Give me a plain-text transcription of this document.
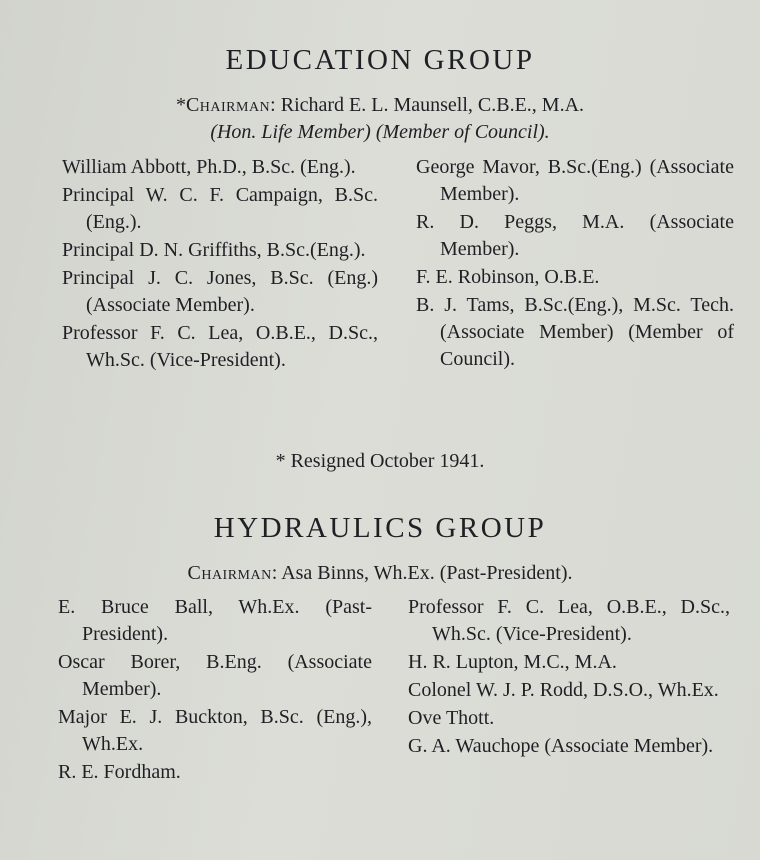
EDUCATION GROUP
*Chairman: Richard E. L. Maunsell, C.B.E., M.A.
(Hon. Life Member) (Member of Council).
William Abbott, Ph.D., B.Sc. (Eng.).
Principal W. C. F. Campaign, B.Sc.(Eng.).
Principal D. N. Griffiths, B.Sc.(Eng.).
Principal J. C. Jones, B.Sc. (Eng.) (Associate Member).
Professor F. C. Lea, O.B.E., D.Sc., Wh.Sc. (Vice-President).
George Mavor, B.Sc.(Eng.) (Associate Member).
R. D. Peggs, M.A. (Associate Member).
F. E. Robinson, O.B.E.
B. J. Tams, B.Sc.(Eng.), M.Sc. Tech. (Associate Member) (Member of Council).
* Resigned October 1941.
HYDRAULICS GROUP
Chairman: Asa Binns, Wh.Ex. (Past-President).
E. Bruce Ball, Wh.Ex. (Past-President).
Oscar Borer, B.Eng. (Associate Member).
Major E. J. Buckton, B.Sc. (Eng.), Wh.Ex.
R. E. Fordham.
Professor F. C. Lea, O.B.E., D.Sc., Wh.Sc. (Vice-President).
H. R. Lupton, M.C., M.A.
Colonel W. J. P. Rodd, D.S.O., Wh.Ex.
Ove Thott.
G. A. Wauchope (Associate Member).
